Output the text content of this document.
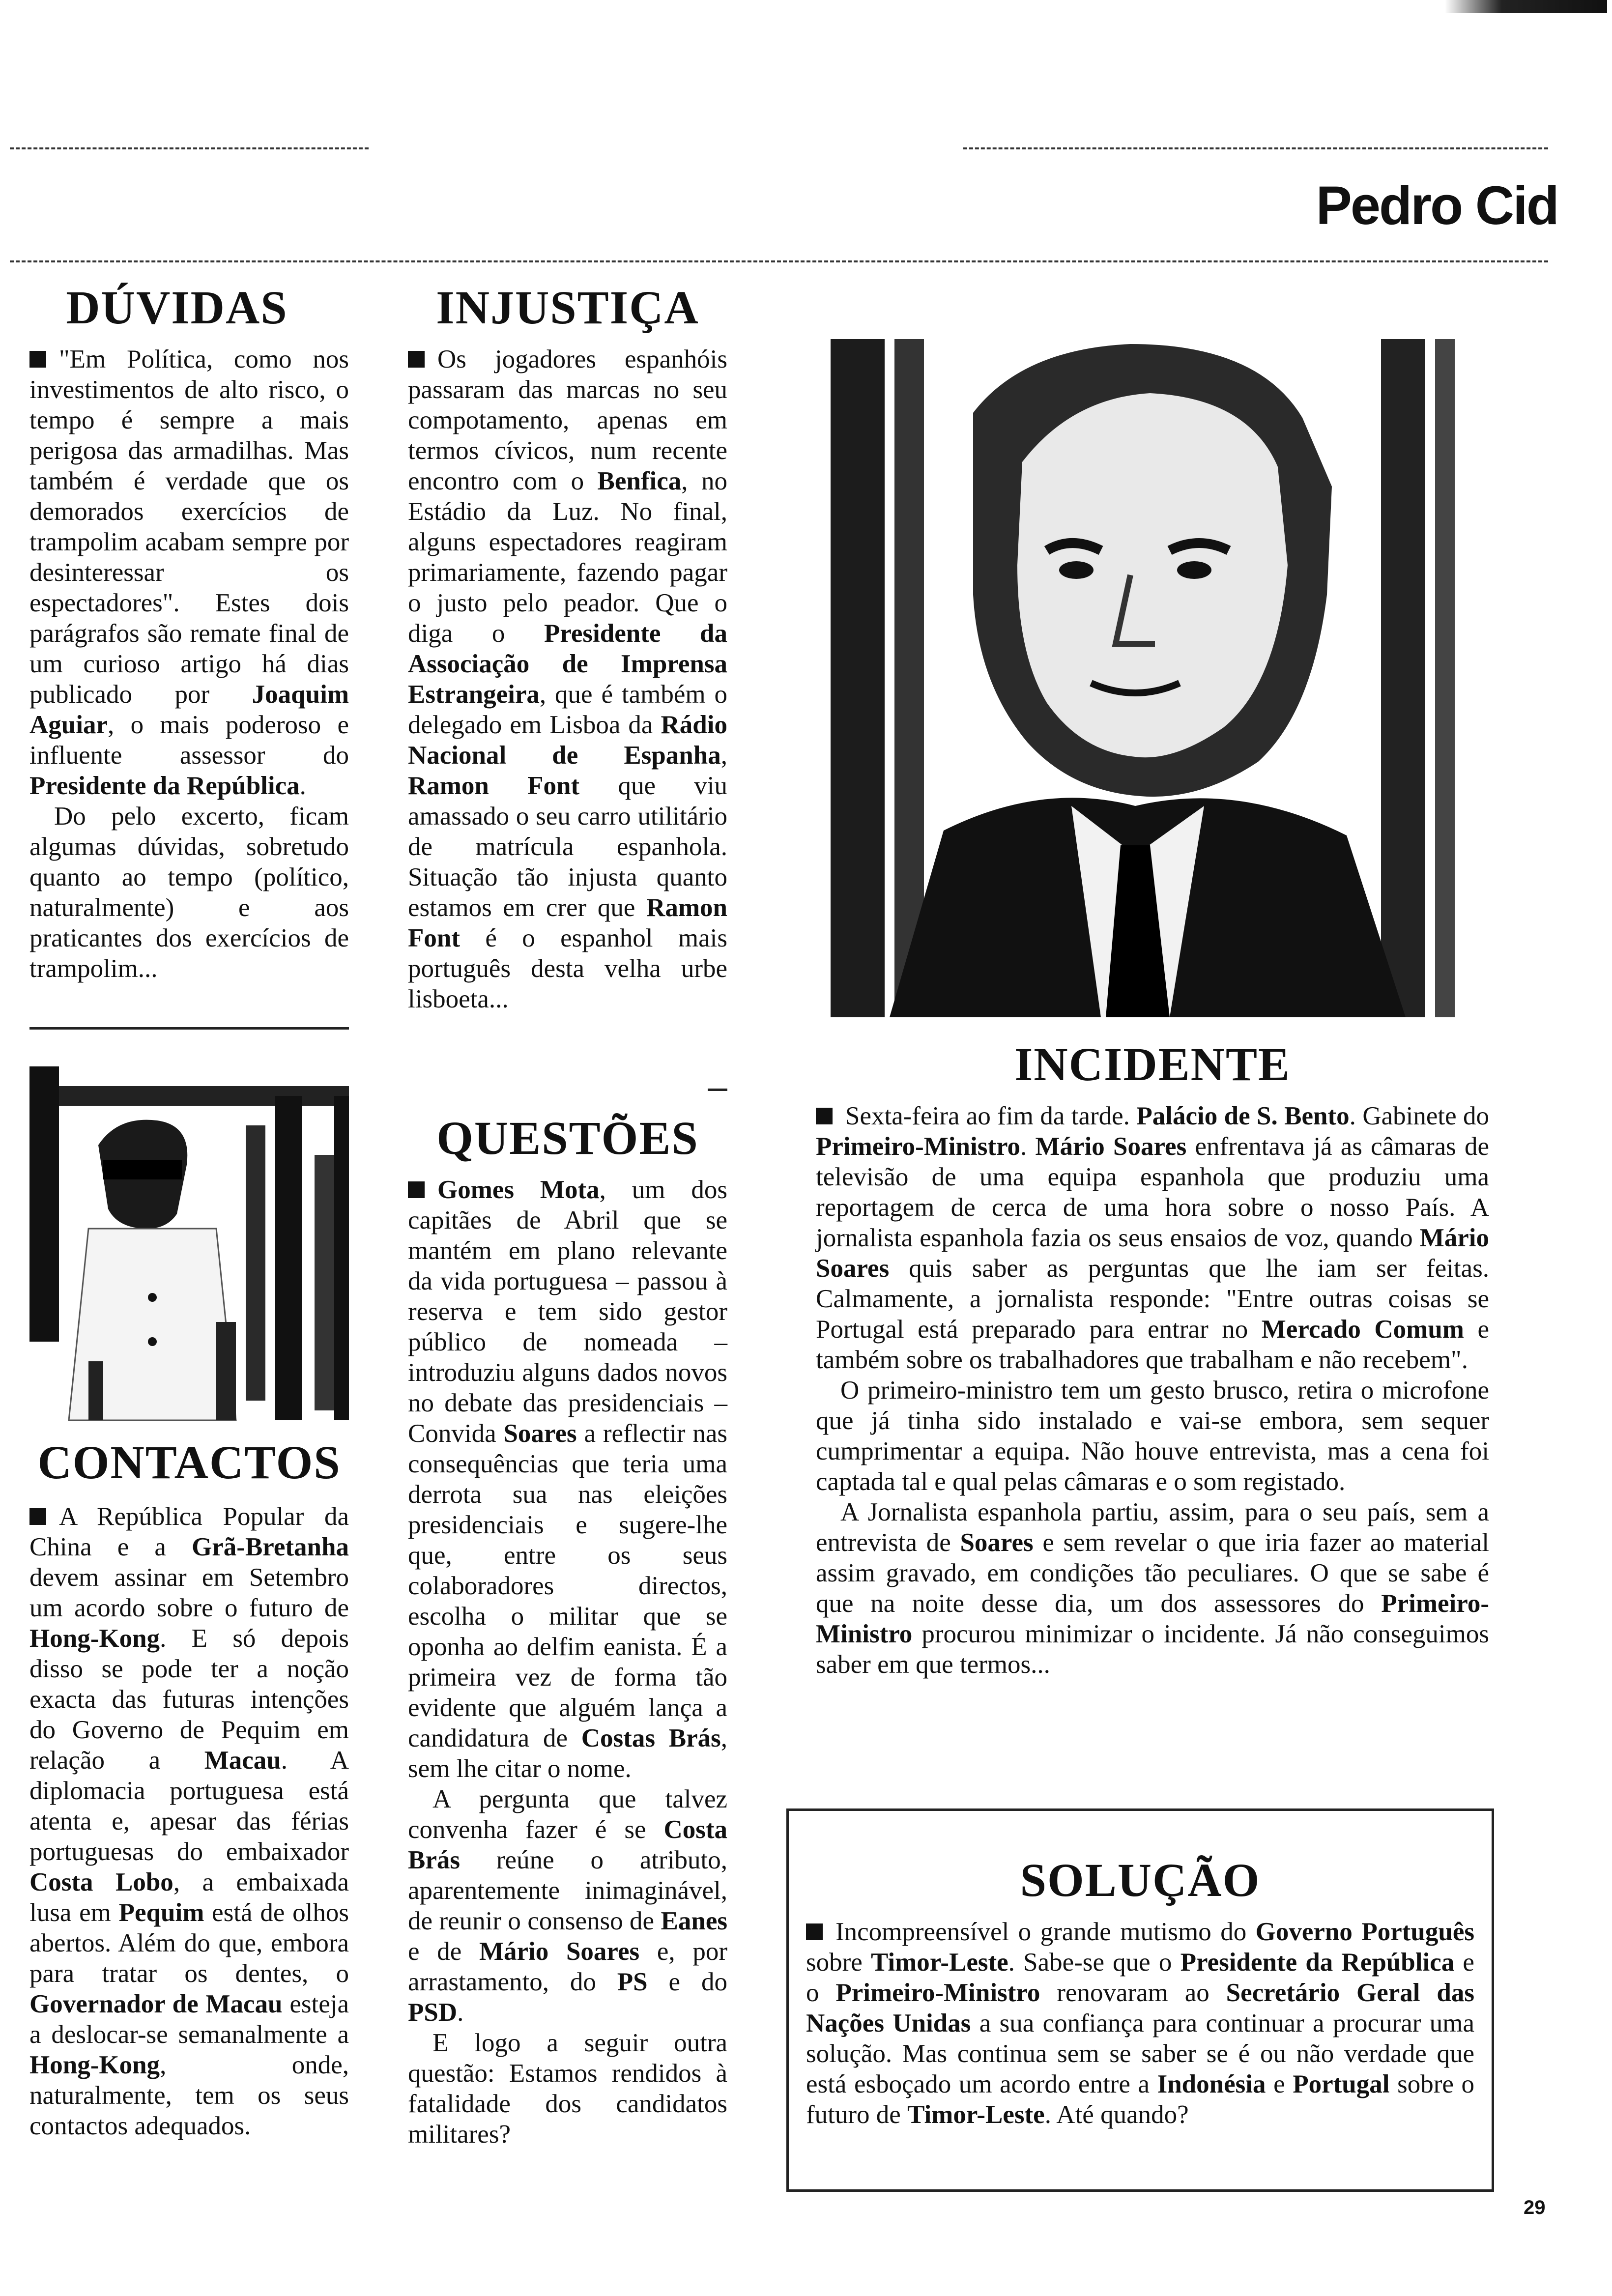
Pedro Cid
DÚVIDAS

"Em Política, como nos investimentos de alto risco, o tempo é sempre a mais perigosa das armadilhas. Mas também é verdade que os demorados exercícios de trampolim acabam sempre por desinteressar os espectadores". Estes dois parágrafos são remate final de um curioso artigo há dias publicado por Joaquim Aguiar, o mais poderoso e influente assessor do Presidente da República.

Do pelo excerto, ficam algumas dúvidas, sobretudo quanto ao tempo (político, naturalmente) e aos praticantes dos exercícios de trampolim...

CONTACTOS

A República Popular da China e a Grã-Bretanha devem assinar em Setembro um acordo sobre o futuro de Hong-Kong. E só depois disso se pode ter a noção exacta das futuras intenções do Governo de Pequim em relação a Macau. A diplomacia portuguesa está atenta e, apesar das férias portuguesas do embaixador Costa Lobo, a embaixada lusa em Pequim está de olhos abertos. Além do que, embora para tratar os dentes, o Governador de Macau esteja a deslocar-se semanalmente a Hong-Kong, onde, naturalmente, tem os seus contactos adequados.

INJUSTIÇA

Os jogadores espanhóis passaram das marcas no seu compotamento, apenas em termos cívicos, num recente encontro com o Benfica, no Estádio da Luz. No final, alguns espectadores reagiram primariamente, fazendo pagar o justo pelo peador. Que o diga o Presidente da Associação de Imprensa Estrangeira, que é também o delegado em Lisboa da Rádio Nacional de Espanha, Ramon Font que viu amassado o seu carro utilitário de matrícula espanhola. Situação tão injusta quanto estamos em crer que Ramon Font é o espanhol mais português desta velha urbe lisboeta...

QUESTÕES

Gomes Mota, um dos capitães de Abril que se mantém em plano relevante da vida portuguesa – passou à reserva e tem sido gestor público de nomeada – introduziu alguns dados novos no debate das presidenciais – Convida Soares a reflectir nas consequências que teria uma derrota sua nas eleições presidenciais e sugere-lhe que, entre os seus colaboradores directos, escolha o militar que se oponha ao delfim eanista. É a primeira vez de forma tão evidente que alguém lança a candidatura de Costas Brás, sem lhe citar o nome.

A pergunta que talvez convenha fazer é se Costa Brás reúne o atributo, aparentemente inimaginável, de reunir o consenso de Eanes e de Mário Soares e, por arrastamento, do PS e do PSD.

E logo a seguir outra questão: Estamos rendidos à fatalidade dos candidatos militares?

INCIDENTE

Sexta-feira ao fim da tarde. Palácio de S. Bento. Gabinete do Primeiro-Ministro. Mário Soares enfrentava já as câmaras de televisão de uma equipa espanhola que produziu uma reportagem de cerca de uma hora sobre o nosso País. A jornalista espanhola fazia os seus ensaios de voz, quando Mário Soares quis saber as perguntas que lhe iam ser feitas. Calmamente, a jornalista responde: "Entre outras coisas se Portugal está preparado para entrar no Mercado Comum e também sobre os trabalhadores que trabalham e não recebem".

O primeiro-ministro tem um gesto brusco, retira o microfone que já tinha sido instalado e vai-se embora, sem sequer cumprimentar a equipa. Não houve entrevista, mas a cena foi captada tal e qual pelas câmaras e o som registado.

A Jornalista espanhola partiu, assim, para o seu país, sem a entrevista de Soares e sem revelar o que iria fazer ao material assim gravado, em condições tão peculiares. O que se sabe é que na noite desse dia, um dos assessores do Primeiro-Ministro procurou minimizar o incidente. Já não conseguimos saber em que termos...

SOLUÇÃO

Incompreensível o grande mutismo do Governo Português sobre Timor-Leste. Sabe-se que o Presidente da República e o Primeiro-Ministro renovaram ao Secretário Geral das Nações Unidas a sua confiança para continuar a procurar uma solução. Mas continua sem se saber se é ou não verdade que está esboçado um acordo entre a Indonésia e Portugal sobre o futuro de Timor-Leste. Até quando?

29
